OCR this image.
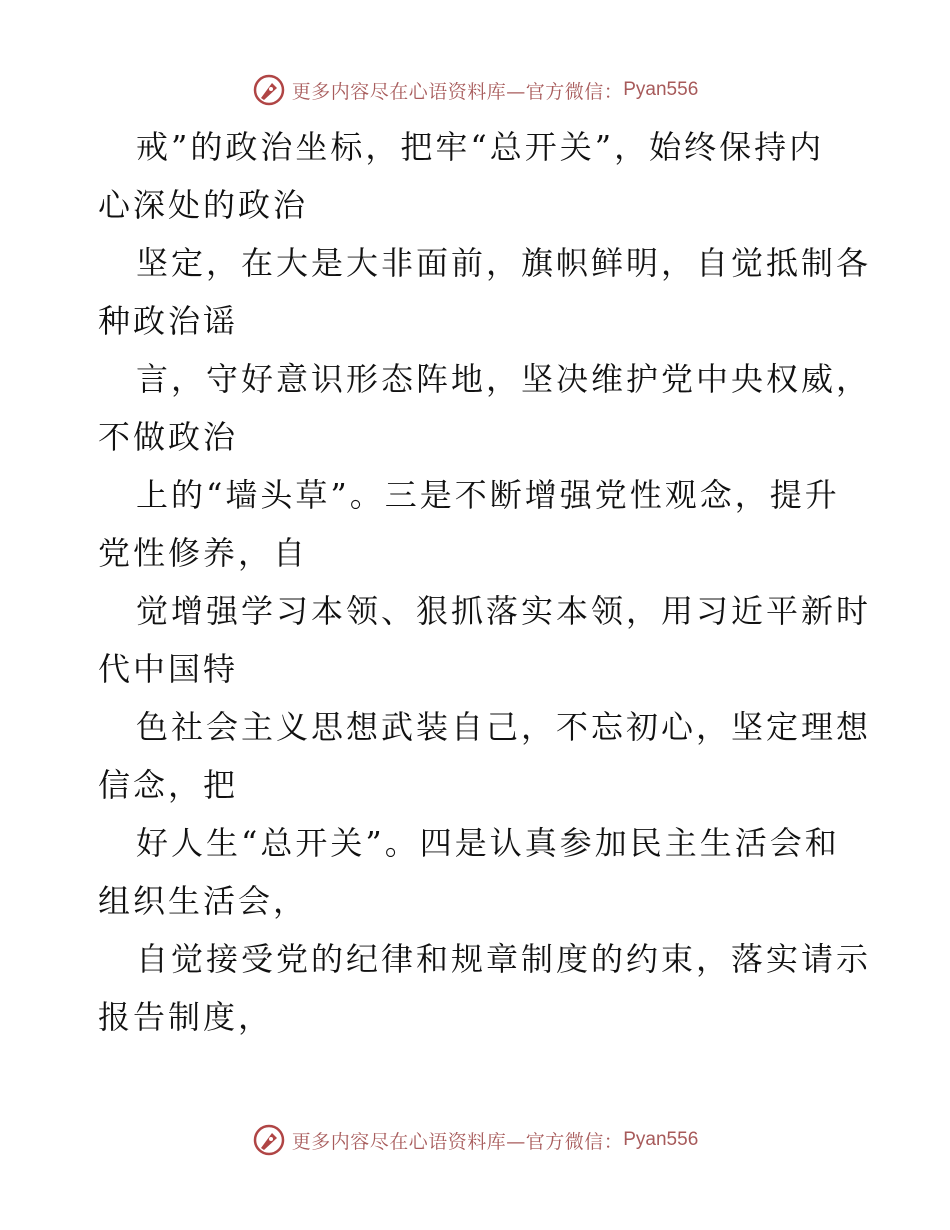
更多内容尽在心语资料库—官方微信： Pyan556

戒”的政治坐标，把牢“总开关”，始终保持内
心深处的政治

坚定，在大是大非面前，旗帜鲜明，自觉抵制各
种政治谣

言，守好意识形态阵地，坚决维护党中央权威，
不做政治

上的“墙头草”。三是不断增强党性观念，提升
党性修养，自

觉增强学习本领、狠抓落实本领，用习近平新时
代中国特

色社会主义思想武装自己，不忘初心，坚定理想
信念，把

好人生“总开关”。四是认真参加民主生活会和
组织生活会，

自觉接受党的纪律和规章制度的约束，落实请示
报告制度，

更多内容尽在心语资料库—官方微信： Pyan556
